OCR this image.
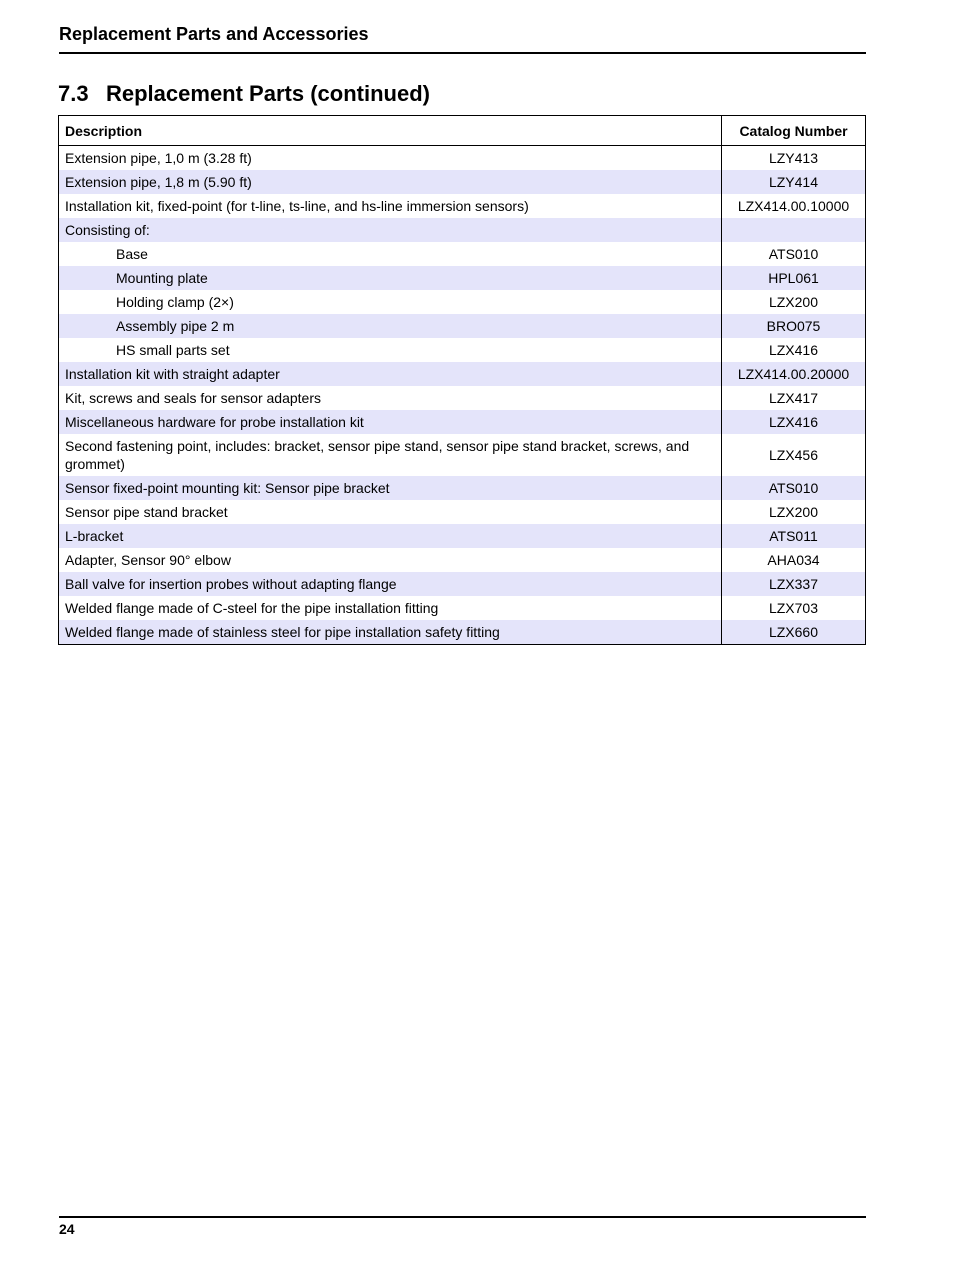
Replacement Parts and Accessories
7.3 Replacement Parts (continued)
Description	Catalog Number
Extension pipe, 1,0 m (3.28 ft)	LZY413
Extension pipe, 1,8 m (5.90 ft)	LZY414
Installation kit, fixed-point (for t-line, ts-line, and hs-line immersion sensors)	LZX414.00.10000
Consisting of:	
Base	ATS010
Mounting plate	HPL061
Holding clamp (2×)	LZX200
Assembly pipe 2 m	BRO075
HS small parts set	LZX416
Installation kit with straight adapter	LZX414.00.20000
Kit, screws and seals for sensor adapters	LZX417
Miscellaneous hardware for probe installation kit	LZX416
Second fastening point, includes: bracket, sensor pipe stand, sensor pipe stand bracket, screws, and grommet)	LZX456
Sensor fixed-point mounting kit: Sensor pipe bracket	ATS010
Sensor pipe stand bracket	LZX200
L-bracket	ATS011
Adapter, Sensor 90° elbow	AHA034
Ball valve for insertion probes without adapting flange	LZX337
Welded flange made of C-steel for the pipe installation fitting	LZX703
Welded flange made of stainless steel for pipe installation safety fitting	LZX660
24
